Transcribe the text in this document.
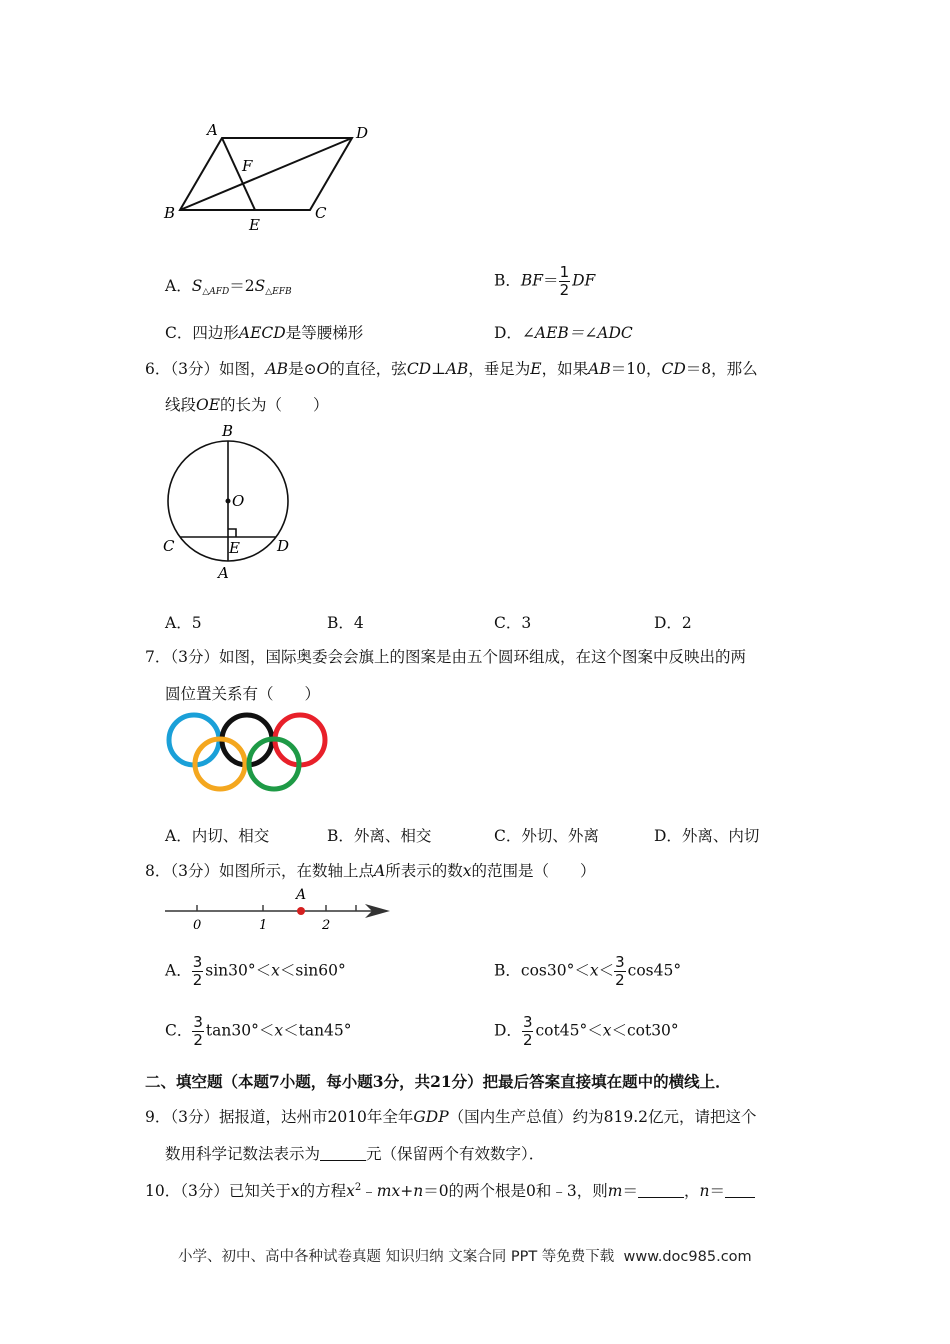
A	D
F
B
E
C
A．$S_{\triangle AFD}=2S_{\triangle EFB}$
B．$BF= \frac{1}{2}$ DF
C．四边形AECD是等腰梯形	D．∠AEB＝∠ADC
6．（3分）如图，AB是⊙O的直径，弦CD⊥AB，垂足为E，如果AB＝10，CD＝8，那么
线段OE的长为（　　）
B
O
C	E D
A
A．5	B．4	C．3	D．2
7．（3分）如图，国际奥委会会旗上的图案是由五个圆环组成，在这个图案中反映出的两
圆位置关系有（　　）
A．内切、相交	B．外离、相交	C．外切、外离	D．外离、内切
8．（3分）如图所示，在数轴上点A所表示的数x的范围是（　　）
0	1	2
A
A． $\frac{3}{2} \sin 30^\circ<x<\sin 60^\circ$	B．$\cos 30^\circ<x< \frac{3}{2} \cos 45^\circ$
C． $\frac{3}{2} \tan 30^\circ<x<\tan 45^\circ$	D． $\frac{3}{2} \cot 45^\circ<x<\cot 30^\circ$
二、填空题（本题7小题，每小题3分，共21分）把最后答案直接填在题中的横线上．
9．（3分）据报道，达州市2010年全年GDP（国内生产总值）约为819.2亿元，请把这个
数用科学记数法表示为	元（保留两个有效数字）．
10．（3分）已知关于x的方程$x^2﹣mx+n=0$的两个根是0和﹣3，则m＝	，n＝
小学、初中、高中各种试卷真题 知识归纳 文案合同 PPT 等免费下载 www.doc985.com
